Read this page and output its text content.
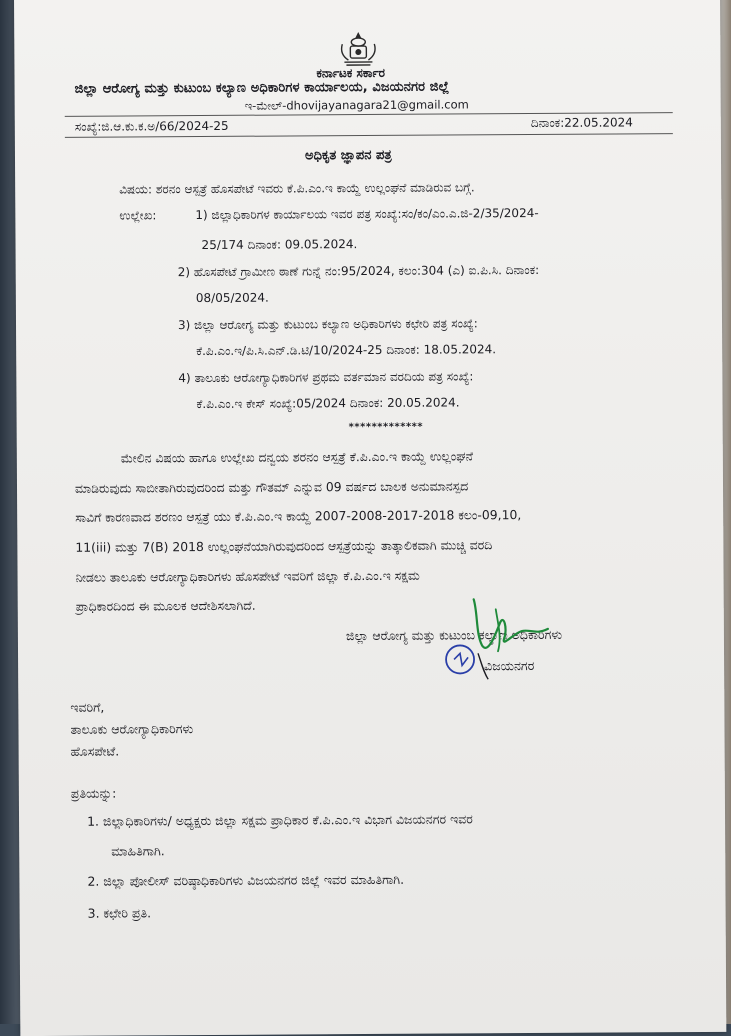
ಕರ್ನಾಟಕ ಸರ್ಕಾರ
ಜಿಲ್ಲಾ ಆರೋಗ್ಯ ಮತ್ತು ಕುಟುಂಬ ಕಲ್ಯಾಣ ಅಧಿಕಾರಿಗಳ ಕಾರ್ಯಾಲಯ, ವಿಜಯನಗರ ಜಿಲ್ಲೆ
ಇ-ಮೇಲ್-dhovijayanagara21@gmail.com
ಸಂಖ್ಯೆ:ಜಿ.ಆ.ಕು.ಕ.ಅ/66/2024-25	ದಿನಾಂಕ:22.05.2024
ಅಧಿಕೃತ ಜ್ಞಾಪನ ಪತ್ರ
ವಿಷಯ: ಶರನಂ ಆಸ್ಪತ್ರೆ ಹೊಸಪೇಟೆ ಇವರು ಕೆ.ಪಿ.ಎಂ.ಇ ಕಾಯ್ದೆ ಉಲ್ಲಂಘನೆ ಮಾಡಿರುವ ಬಗ್ಗೆ.
ಉಲ್ಲೇಖ:	1) ಜಿಲ್ಲಾಧಿಕಾರಿಗಳ ಕಾರ್ಯಾಲಯ ಇವರ ಪತ್ರ ಸಂಖ್ಯೆ:ಸಂ/ಕಂ/ಎಂ.ಎ.ಜಿ-2/35/2024-
25/174 ದಿನಾಂಕ: 09.05.2024.
2) ಹೊಸಪೇಟೆ ಗ್ರಾಮೀಣ ಠಾಣೆ ಗುನ್ನೆ ನಂ:95/2024, ಕಲಂ:304 (ಎ) ಐ.ಪಿ.ಸಿ. ದಿನಾಂಕ:
08/05/2024.
3) ಜಿಲ್ಲಾ ಆರೋಗ್ಯ ಮತ್ತು ಕುಟುಂಬ ಕಲ್ಯಾಣ ಅಧಿಕಾರಿಗಳು ಕಛೇರಿ ಪತ್ರ ಸಂಖ್ಯೆ:
ಕೆ.ಪಿ.ಎಂ.ಇ/ಪಿ.ಸಿ.ಎನ್.ಡಿ.ಟಿ/10/2024-25 ದಿನಾಂಕ: 18.05.2024.
4) ತಾಲೂಕು ಆರೋಗ್ಯಾಧಿಕಾರಿಗಳ ಪ್ರಥಮ ವರ್ತಮಾನ ವರದಿಯ ಪತ್ರ ಸಂಖ್ಯೆ:
ಕೆ.ಪಿ.ಎಂ.ಇ ಕೇಸ್ ಸಂಖ್ಯೆ:05/2024 ದಿನಾಂಕ: 20.05.2024.
*************
ಮೇಲಿನ ವಿಷಯ ಹಾಗೂ ಉಲ್ಲೇಖ ದನ್ವಯ ಶರನಂ ಆಸ್ಪತ್ರೆ ಕೆ.ಪಿ.ಎಂ.ಇ ಕಾಯ್ದೆ ಉಲ್ಲಂಘನೆ
ಮಾಡಿರುವುದು ಸಾಬೀತಾಗಿರುವುದರಿಂದ ಮತ್ತು ಗೌತಮ್ ಎನ್ನುವ 09 ವರ್ಷದ ಬಾಲಕ ಅನುಮಾನಸ್ಪದ
ಸಾವಿಗೆ ಕಾರಣವಾದ ಶರಣಂ ಆಸ್ಪತ್ರೆ ಯು ಕೆ.ಪಿ.ಎಂ.ಇ ಕಾಯ್ದೆ 2007-2008-2017-2018 ಕಲಂ-09,10,
11(iii) ಮತ್ತು 7(B) 2018 ಉಲ್ಲಂಘನೆಯಾಗಿರುವುದರಿಂದ ಆಸ್ಪತ್ರೆಯನ್ನು ತಾತ್ಕಾಲಿಕವಾಗಿ ಮುಚ್ಚಿ ವರದಿ
ನೀಡಲು ತಾಲೂಕು ಆರೋಗ್ಯಾಧಿಕಾರಿಗಳು ಹೊಸಪೇಟೆ ಇವರಿಗೆ ಜಿಲ್ಲಾ ಕೆ.ಪಿ.ಎಂ.ಇ ಸಕ್ಷಮ
ಪ್ರಾಧಿಕಾರದಿಂದ ಈ ಮೂಲಕ ಆದೇಶಿಸಲಾಗಿದೆ.
ಜಿಲ್ಲಾ ಆರೋಗ್ಯ ಮತ್ತು ಕುಟುಂಬ ಕಲ್ಯಾಣ ಅಧಿಕಾರಿಗಳು
ವಿಜಯನಗರ
ಇವರಿಗೆ,
ತಾಲೂಕು ಆರೋಗ್ಯಾಧಿಕಾರಿಗಳು
ಹೊಸಪೇಟೆ.
ಪ್ರತಿಯನ್ನು:
1. ಜಿಲ್ಲಾಧಿಕಾರಿಗಳು/ ಅಧ್ಯಕ್ಷರು ಜಿಲ್ಲಾ ಸಕ್ಷಮ ಪ್ರಾಧಿಕಾರ ಕೆ.ಪಿ.ಎಂ.ಇ ವಿಭಾಗ ವಿಜಯನಗರ ಇವರ
ಮಾಹಿತಿಗಾಗಿ.
2. ಜಿಲ್ಲಾ ಪೋಲೀಸ್ ವರಿಷ್ಠಾಧಿಕಾರಿಗಳು ವಿಜಯನಗರ ಜಿಲ್ಲೆ ಇವರ ಮಾಹಿತಿಗಾಗಿ.
3. ಕಛೇರಿ ಪ್ರತಿ.
